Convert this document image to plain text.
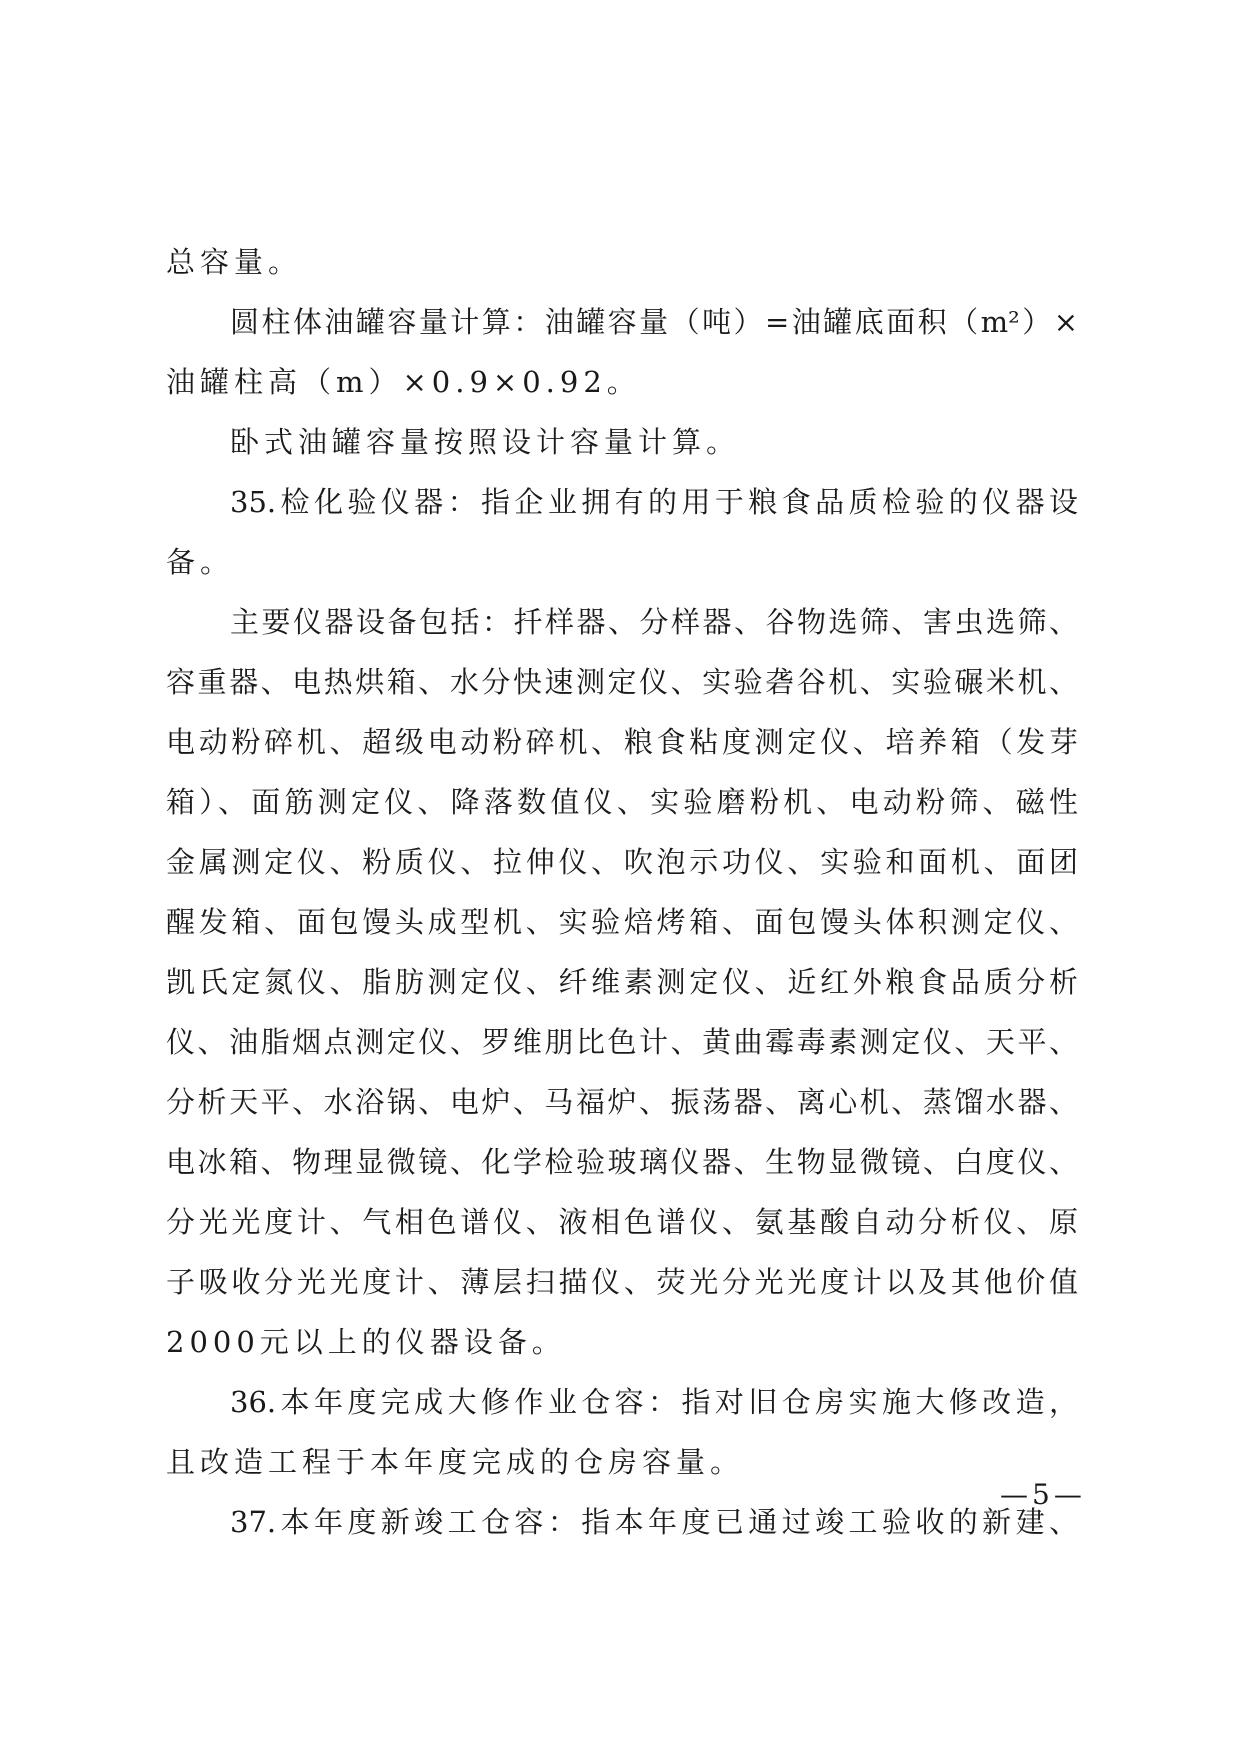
总容量。
圆柱体油罐容量计算：油罐容量（吨）=油罐底面积（m²）×
油罐柱高（m）×0.9×0.92。
卧式油罐容量按照设计容量计算。
35.检化验仪器：指企业拥有的用于粮食品质检验的仪器设
备。
主要仪器设备包括：扦样器、分样器、谷物选筛、害虫选筛、
容重器、电热烘箱、水分快速测定仪、实验砻谷机、实验碾米机、
电动粉碎机、超级电动粉碎机、粮食粘度测定仪、培养箱（发芽
箱）、面筋测定仪、降落数值仪、实验磨粉机、电动粉筛、磁性
金属测定仪、粉质仪、拉伸仪、吹泡示功仪、实验和面机、面团
醒发箱、面包馒头成型机、实验焙烤箱、面包馒头体积测定仪、
凯氏定氮仪、脂肪测定仪、纤维素测定仪、近红外粮食品质分析
仪、油脂烟点测定仪、罗维朋比色计、黄曲霉毒素测定仪、天平、
分析天平、水浴锅、电炉、马福炉、振荡器、离心机、蒸馏水器、
电冰箱、物理显微镜、化学检验玻璃仪器、生物显微镜、白度仪、
分光光度计、气相色谱仪、液相色谱仪、氨基酸自动分析仪、原
子吸收分光光度计、薄层扫描仪、荧光分光光度计以及其他价值
2000元以上的仪器设备。
36.本年度完成大修作业仓容：指对旧仓房实施大修改造，
且改造工程于本年度完成的仓房容量。
37.本年度新竣工仓容：指本年度已通过竣工验收的新建、
—5—
